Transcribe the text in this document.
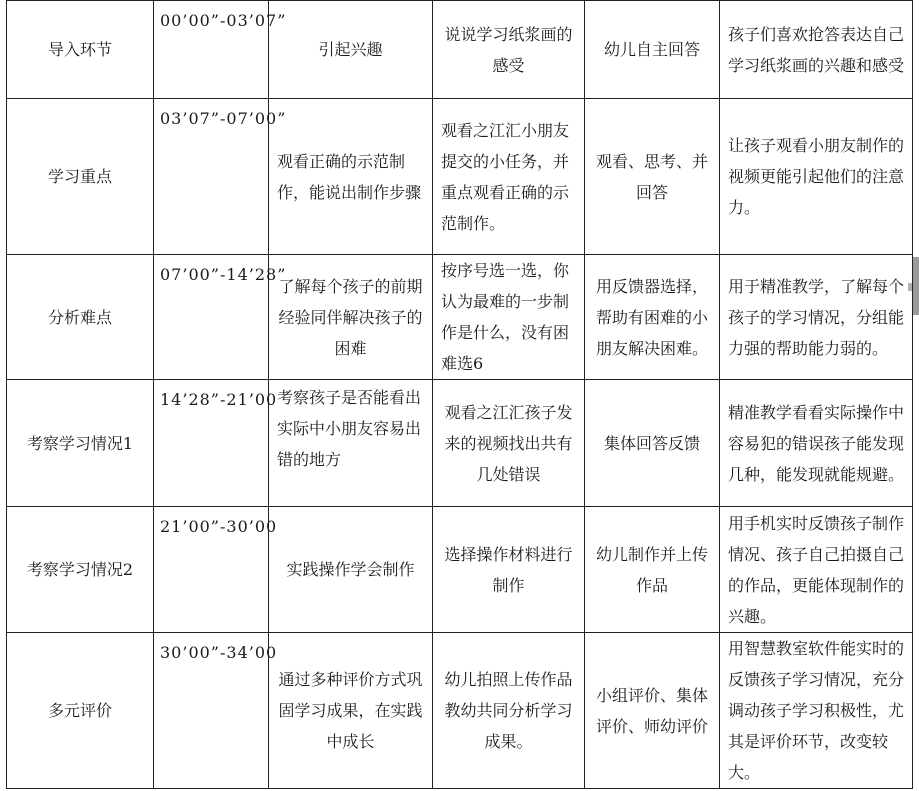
导入环节	00’00”-03’07”	引起兴趣	说说学习纸浆画的感受	幼儿自主回答	孩子们喜欢抢答表达自己学习纸浆画的兴趣和感受
学习重点	03’07”-07’00”	观看正确的示范制作，能说出制作步骤	观看之江汇小朋友提交的小任务，并重点观看正确的示范制作。	观看、思考、并回答	让孩子观看小朋友制作的视频更能引起他们的注意力。
分析难点	07’00”-14’28”	了解每个孩子的前期经验同伴解决孩子的困难	按序号选一选，你认为最难的一步制作是什么，没有困难选6	用反馈器选择，帮助有困难的小朋友解决困难。	用于精准教学，了解每个孩子的学习情况，分组能力强的帮助能力弱的。
考察学习情况1	14’28”-21’00	考察孩子是否能看出实际中小朋友容易出错的地方	观看之江汇孩子发来的视频找出共有几处错误	集体回答反馈	精准教学看看实际操作中容易犯的错误孩子能发现几种，能发现就能规避。
考察学习情况2	21’00”-30’00	实践操作学会制作	选择操作材料进行制作	幼儿制作并上传作品	用手机实时反馈孩子制作情况、孩子自己拍摄自己的作品，更能体现制作的兴趣。
多元评价	30’00”-34’00	通过多种评价方式巩固学习成果，在实践中成长	幼儿拍照上传作品教幼共同分析学习成果。	小组评价、集体评价、师幼评价	用智慧教室软件能实时的反馈孩子学习情况，充分调动孩子学习积极性，尤其是评价环节，改变较大。
